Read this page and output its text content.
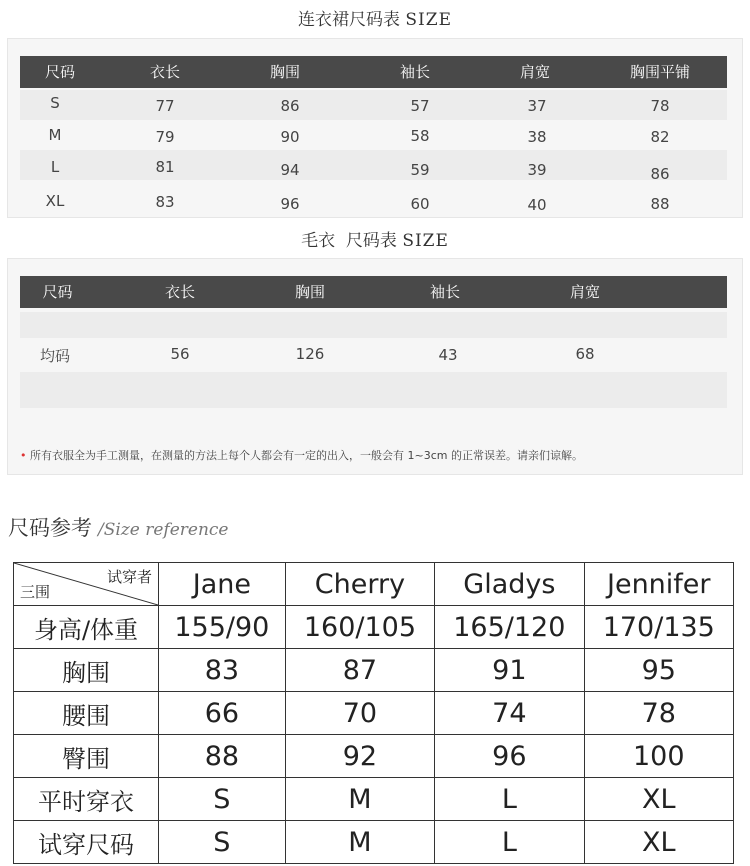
连衣裙尺码表 SIZE
尺码	衣长	胸围	袖长	肩宽	胸围平铺
S	77	86	57	37	78
M	79	90	58	38	82
L	81	94	59	39	86
XL	83	96	60	40	88
毛衣  尺码表 SIZE
尺码	衣长	胸围	袖长	肩宽
均码	56	126	43	68
• 所有衣服全为手工测量，在测量的方法上每个人都会有一定的出入，一般会有 1~3cm 的正常误差。请亲们谅解。
尺码参考 /Size reference
试穿者
三围	Jane	Cherry	Gladys	Jennifer
身高/体重	155/90	160/105	165/120	170/135
胸围	83	87	91	95
腰围	66	70	74	78
臀围	88	92	96	100
平时穿衣	S	M	L	XL
试穿尺码	S	M	L	XL
